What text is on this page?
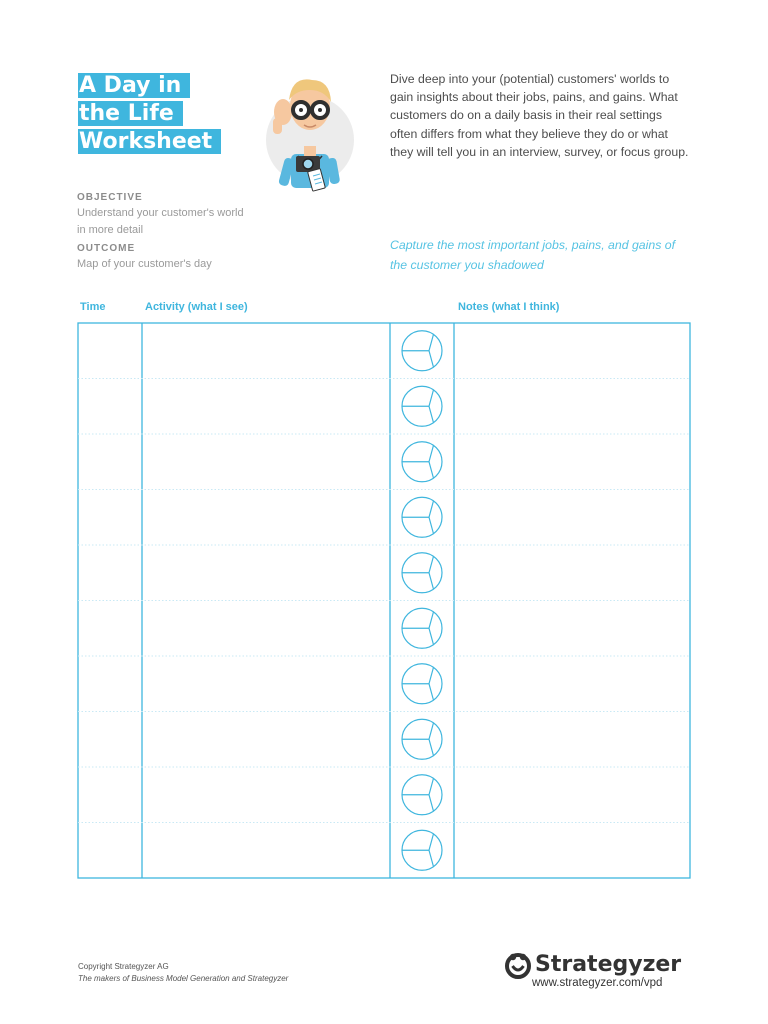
A Day in
the Life
Worksheet
OBJECTIVE
Understand your customer's world in more detail
OUTCOME
Map of your customer's day
Dive deep into your (potential) customers' worlds to gain insights about their jobs, pains, and gains. What customers do on a daily basis in their real settings often differs from what they believe they do or what they will tell you in an interview, survey, or focus group.
Capture the most important jobs, pains, and gains of the customer you shadowed
Time	Activity (what I see)	Notes (what I think)
Copyright Strategyzer AG
The makers of Business Model Generation and Strategyzer
Strategyzer
www.strategyzer.com/vpd
